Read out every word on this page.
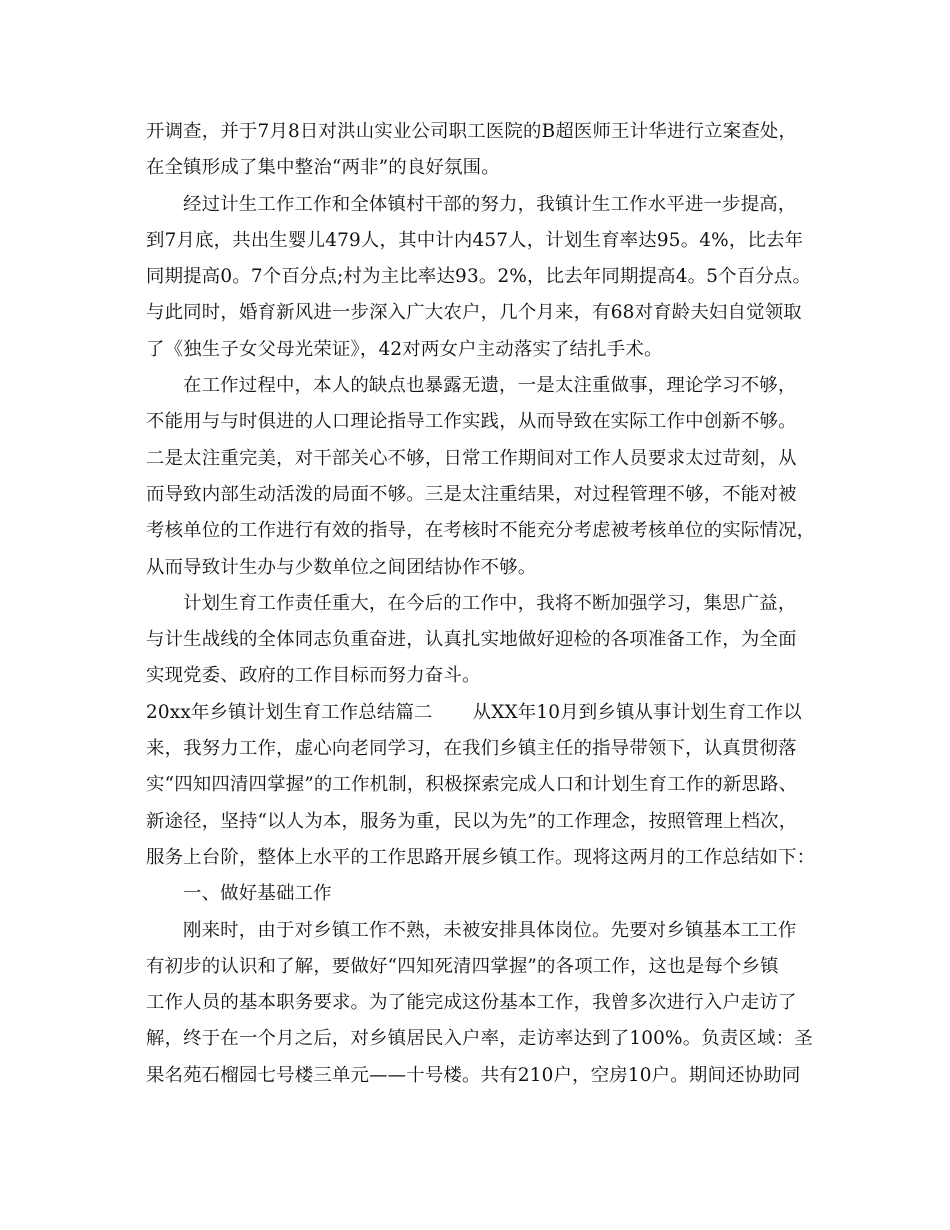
开调查，并于7月8日对洪山实业公司职工医院的B超医师王计华进行立案查处，
在全镇形成了集中整治“两非”的良好氛围。
经过计生工作工作和全体镇村干部的努力，我镇计生工作水平进一步提高，
到7月底，共出生婴儿479人，其中计内457人，计划生育率达95。4%，比去年
同期提高0。7个百分点;村为主比率达93。2%，比去年同期提高4。5个百分点。
与此同时，婚育新风进一步深入广大农户，几个月来，有68对育龄夫妇自觉领取
了《独生子女父母光荣证》，42对两女户主动落实了结扎手术。
在工作过程中，本人的缺点也暴露无遗，一是太注重做事，理论学习不够，
不能用与与时俱进的人口理论指导工作实践，从而导致在实际工作中创新不够。
二是太注重完美，对干部关心不够，日常工作期间对工作人员要求太过苛刻，从
而导致内部生动活泼的局面不够。三是太注重结果，对过程管理不够，不能对被
考核单位的工作进行有效的指导，在考核时不能充分考虑被考核单位的实际情况，
从而导致计生办与少数单位之间团结协作不够。
计划生育工作责任重大，在今后的工作中，我将不断加强学习，集思广益，
与计生战线的全体同志负重奋进，认真扎实地做好迎检的各项准备工作，为全面
实现党委、政府的工作目标而努力奋斗。
20xx年乡镇计划生育工作总结篇二 从XX年10月到乡镇从事计划生育工作以
来，我努力工作，虚心向老同学习，在我们乡镇主任的指导带领下，认真贯彻落
实“四知四清四掌握”的工作机制，积极探索完成人口和计划生育工作的新思路、
新途径，坚持“以人为本，服务为重，民以为先”的工作理念，按照管理上档次，
服务上台阶，整体上水平的工作思路开展乡镇工作。现将这两月的工作总结如下：
一、做好基础工作
刚来时，由于对乡镇工作不熟，未被安排具体岗位。先要对乡镇基本工工作
有初步的认识和了解，要做好“四知死清四掌握”的各项工作，这也是每个乡镇
工作人员的基本职务要求。为了能完成这份基本工作，我曾多次进行入户走访了
解，终于在一个月之后，对乡镇居民入户率，走访率达到了100%。负责区域：圣
果名苑石榴园七号楼三单元——十号楼。共有210户，空房10户。期间还协助同
